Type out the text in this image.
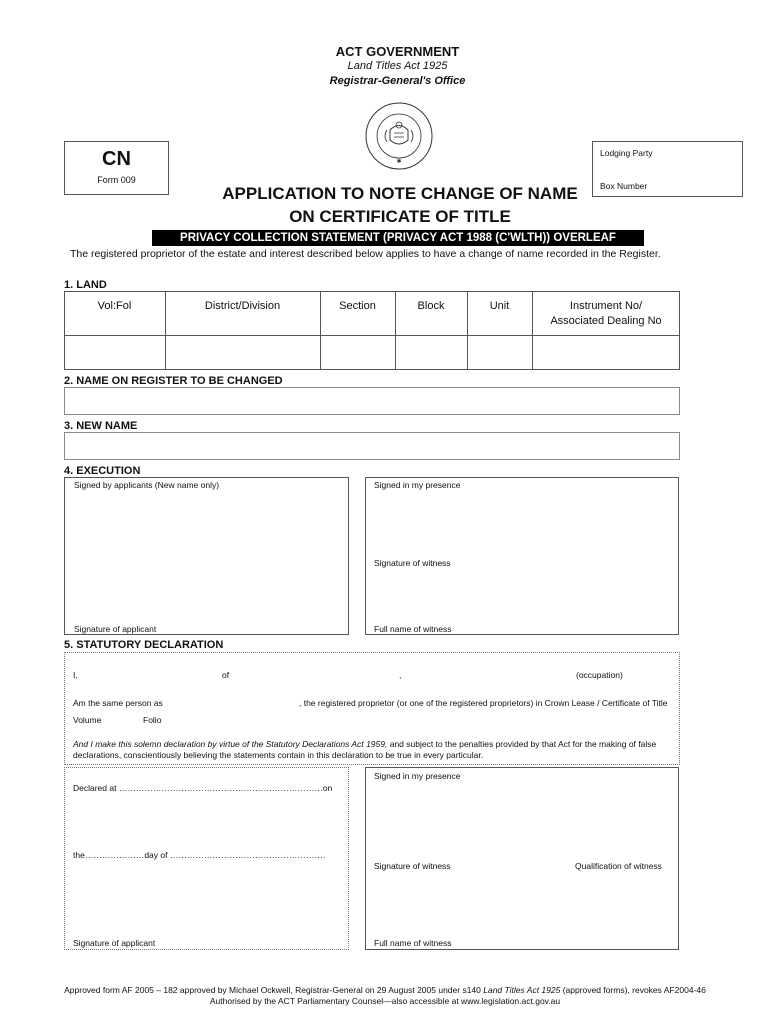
ACT GOVERNMENT
Land Titles Act 1925
Registrar-General's Office
✱
CN
Form 009
Lodging Party
Box Number
APPLICATION TO NOTE CHANGE OF NAME
ON CERTIFICATE OF TITLE
PRIVACY COLLECTION STATEMENT (PRIVACY ACT 1988 (C'WLTH)) OVERLEAF
The registered proprietor of the estate and interest described below applies to have a change of name recorded in the Register.
1. LAND
Vol:Fol	District/Division	Section	Block	Unit	Instrument No/
Associated Dealing No
2. NAME ON REGISTER TO BE CHANGED
3. NEW NAME
4. EXECUTION
Signed by applicants (New name only)
Signature of applicant
Signed in my presence
Signature of witness
Full name of witness
5. STATUTORY DECLARATION
I,	of	,	(occupation)
Am the same person as	, the registered proprietor (or one of the registered proprietors) in Crown Lease / Certificate of Title
Volume	Folio
And I make this solemn declaration by virtue of the Statutory Declarations Act 1959, and subject to the penalties provided by that Act for the making of false
declarations, conscientiously believing the statements contain in this declaration to be true in every particular.
Declared at ………………………………………………………………on
the…………………day of ……………………………………………….
Signature of applicant
Signed in my presence
Signature of witness	Qualification of witness
Full name of witness
Approved form AF 2005 – 182 approved by Michael Ockwell, Registrar-General on 29 August 2005 under s140 Land Titles Act 1925 (approved forms), revokes AF2004-46
Authorised by the ACT Parliamentary Counsel—also accessible at www.legislation.act.gov.au
